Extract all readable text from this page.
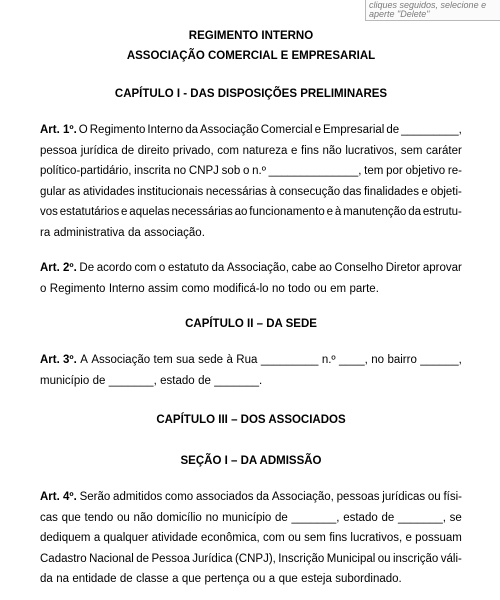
cliques seguidos, selecione e
aperte "Delete"
REGIMENTO INTERNO
ASSOCIAÇÃO COMERCIAL E EMPRESARIAL
CAPÍTULO I - DAS DISPOSIÇÕES PRELIMINARES
Art. 1º. O Regimento Interno da Associação Comercial e Empresarial de _________,
pessoa jurídica de direito privado, com natureza e fins não lucrativos, sem caráter
político-partidário, inscrita no CNPJ sob o n.º ______________, tem por objetivo re-
gular as atividades institucionais necessárias à consecução das finalidades e objeti-
vos estatutários e aquelas necessárias ao funcionamento e à manutenção da estrutu-
ra administrativa da associação.
Art. 2º. De acordo com o estatuto da Associação, cabe ao Conselho Diretor aprovar
o Regimento Interno assim como modificá-lo no todo ou em parte.
CAPÍTULO II – DA SEDE
Art. 3º. A Associação tem sua sede à Rua _________ n.º ____, no bairro ______,
município de _______, estado de _______.
CAPÍTULO III – DOS ASSOCIADOS
SEÇÃO I – DA ADMISSÃO
Art. 4º. Serão admitidos como associados da Associação, pessoas jurídicas ou físi-
cas que tendo ou não domicílio no município de _______, estado de _______, se
dediquem a qualquer atividade econômica, com ou sem fins lucrativos, e possuam
Cadastro Nacional de Pessoa Jurídica (CNPJ), Inscrição Municipal ou inscrição váli-
da na entidade de classe a que pertença ou a que esteja subordinado.
